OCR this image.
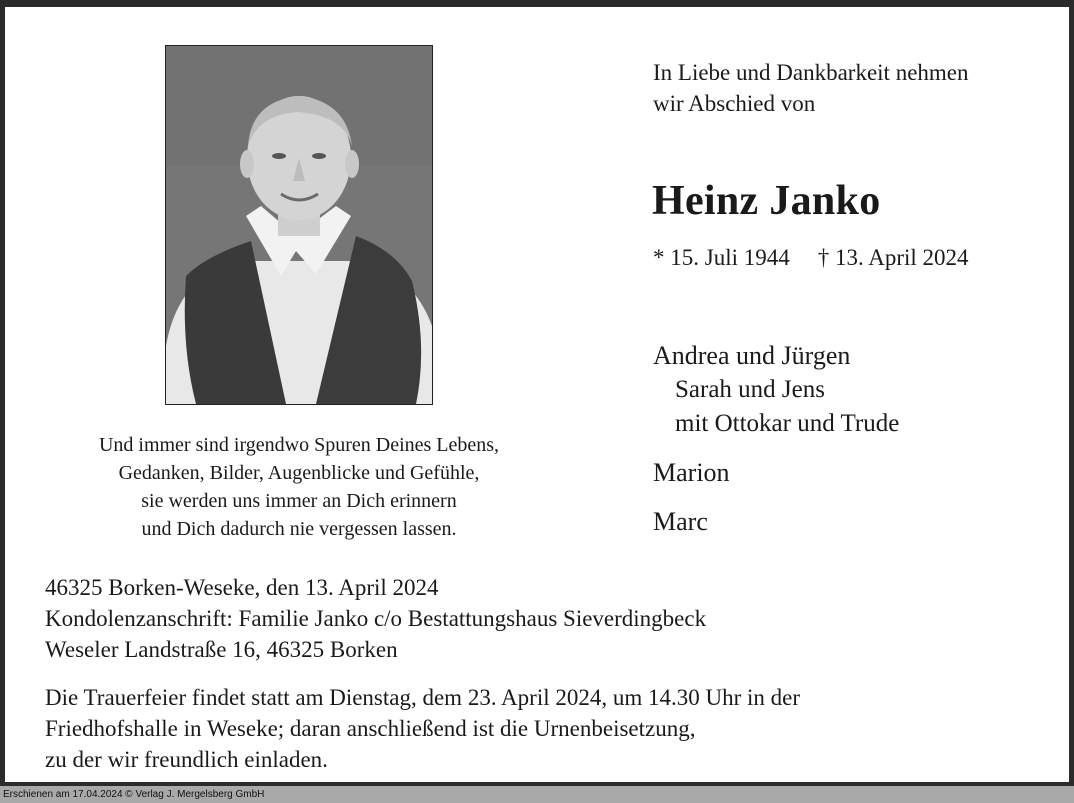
Und immer sind irgendwo Spuren Deines Lebens,
Gedanken, Bilder, Augenblicke und Gefühle,
sie werden uns immer an Dich erinnern
und Dich dadurch nie vergessen lassen.
In Liebe und Dankbarkeit nehmen
wir Abschied von
Heinz Janko
* 15. Juli 1944 † 13. April 2024
Andrea und Jürgen
Sarah und Jens
mit Ottokar und Trude
Marion
Marc
46325 Borken-Weseke, den 13. April 2024
Kondolenzanschrift: Familie Janko c/o Bestattungshaus Sieverdingbeck
Weseler Landstraße 16, 46325 Borken
Die Trauerfeier findet statt am Dienstag, dem 23. April 2024, um 14.30 Uhr in der
Friedhofshalle in Weseke; daran anschließend ist die Urnenbeisetzung,
zu der wir freundlich einladen.
Erschienen am 17.04.2024 © Verlag J. Mergelsberg GmbH
